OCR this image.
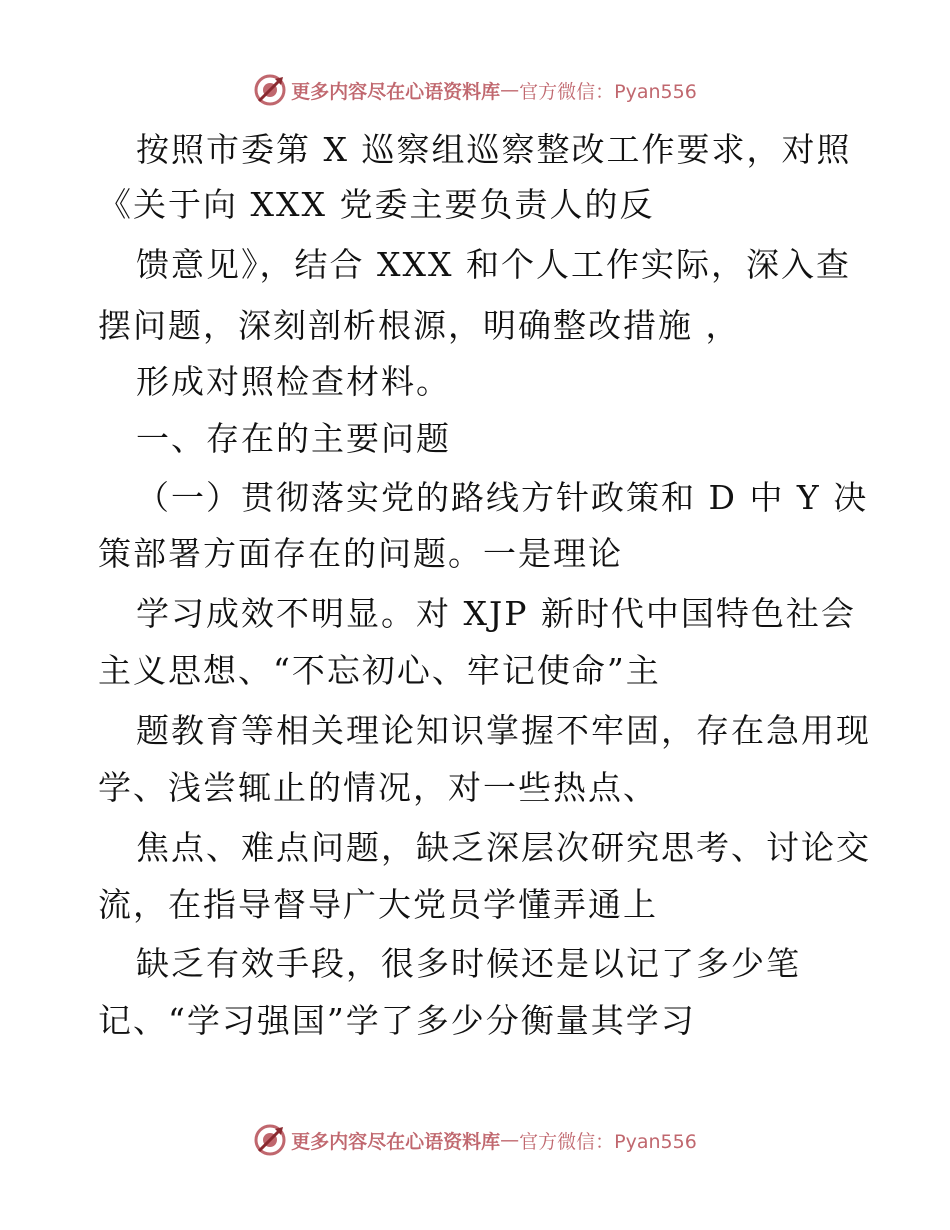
更多内容尽在心语资料库 — 官方微信：Pyan556
按照市委第 X 巡察组巡察整改工作要求，对照
《关于向 XXX 党委主要负责人的反
馈意见》，结合 XXX 和个人工作实际，深入查
摆问题，深刻剖析根源，明确整改措施 ，
形成对照检查材料。
一、存在的主要问题
（一）贯彻落实党的路线方针政策和 D 中 Y 决
策部署方面存在的问题。一是理论
学习成效不明显。对 XJP 新时代中国特色社会
主义思想、“不忘初心、牢记使命”主
题教育等相关理论知识掌握不牢固，存在急用现
学、浅尝辄止的情况，对一些热点、
焦点、难点问题，缺乏深层次研究思考、讨论交
流，在指导督导广大党员学懂弄通上
缺乏有效手段，很多时候还是以记了多少笔
记、“学习强国”学了多少分衡量其学习
更多内容尽在心语资料库 — 官方微信：Pyan556
